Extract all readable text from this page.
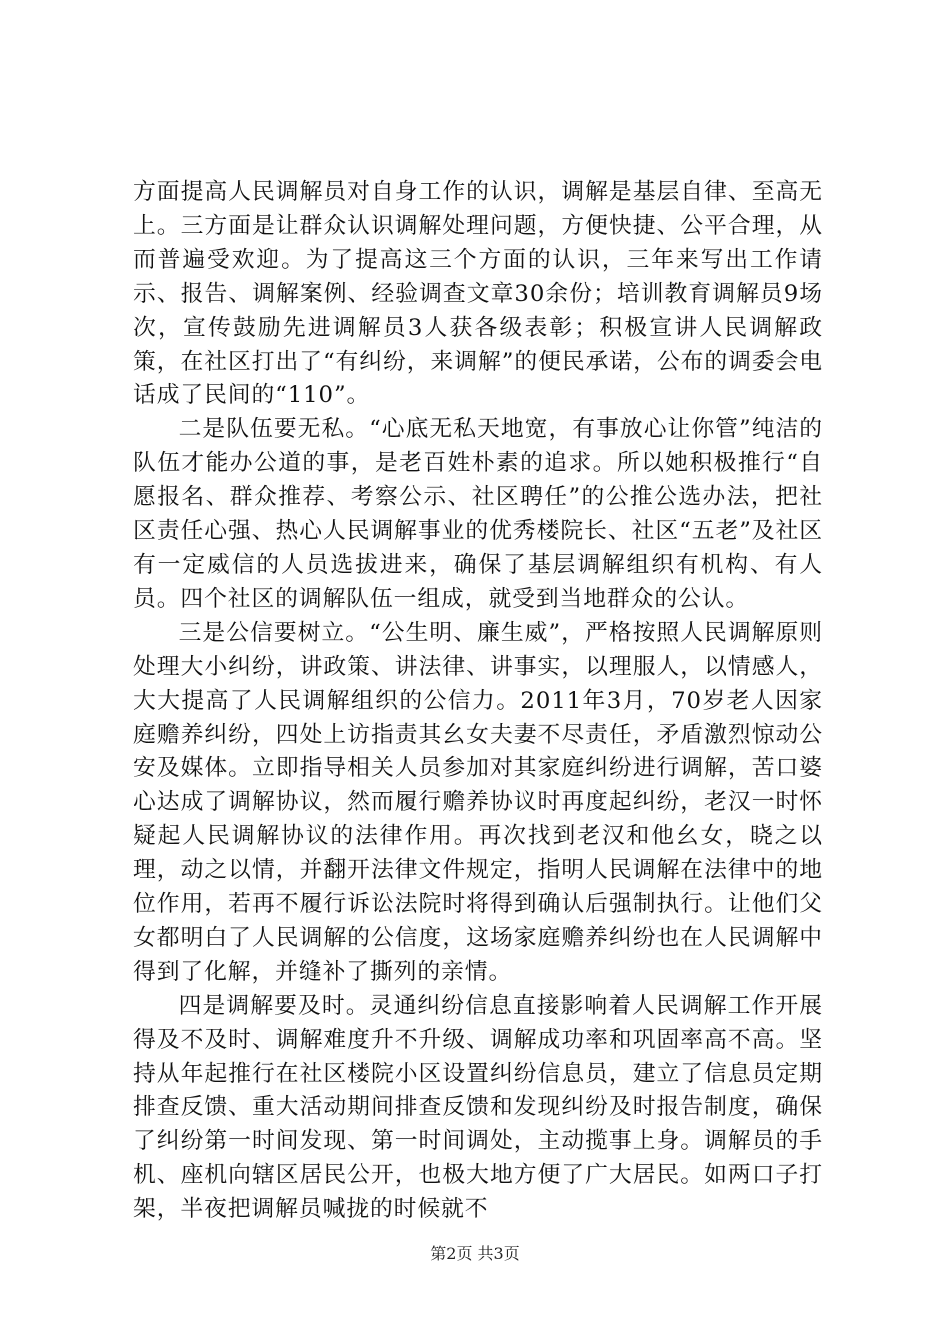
方面提高人民调解员对自身工作的认识，调解是基层自律、至高无上。三方面是让群众认识调解处理问题，方便快捷、公平合理，从而普遍受欢迎。为了提高这三个方面的认识，三年来写出工作请示、报告、调解案例、经验调查文章30余份；培训教育调解员9场次，宣传鼓励先进调解员3人获各级表彰；积极宣讲人民调解政策，在社区打出了“有纠纷，来调解”的便民承诺，公布的调委会电话成了民间的“110”。

二是队伍要无私。“心底无私天地宽，有事放心让你管”纯洁的队伍才能办公道的事，是老百姓朴素的追求。所以她积极推行“自愿报名、群众推荐、考察公示、社区聘任”的公推公选办法，把社区责任心强、热心人民调解事业的优秀楼院长、社区“五老”及社区有一定威信的人员选拔进来，确保了基层调解组织有机构、有人员。四个社区的调解队伍一组成，就受到当地群众的公认。

三是公信要树立。“公生明、廉生威”，严格按照人民调解原则处理大小纠纷，讲政策、讲法律、讲事实，以理服人，以情感人，大大提高了人民调解组织的公信力。2011年3月，70岁老人因家庭赡养纠纷，四处上访指责其幺女夫妻不尽责任，矛盾激烈惊动公安及媒体。立即指导相关人员参加对其家庭纠纷进行调解，苦口婆心达成了调解协议，然而履行赡养协议时再度起纠纷，老汉一时怀疑起人民调解协议的法律作用。再次找到老汉和他幺女，晓之以理，动之以情，并翻开法律文件规定，指明人民调解在法律中的地位作用，若再不履行诉讼法院时将得到确认后强制执行。让他们父女都明白了人民调解的公信度，这场家庭赡养纠纷也在人民调解中得到了化解，并缝补了撕列的亲情。

四是调解要及时。灵通纠纷信息直接影响着人民调解工作开展得及不及时、调解难度升不升级、调解成功率和巩固率高不高。坚持从年起推行在社区楼院小区设置纠纷信息员，建立了信息员定期排查反馈、重大活动期间排查反馈和发现纠纷及时报告制度，确保了纠纷第一时间发现、第一时间调处，主动揽事上身。调解员的手机、座机向辖区居民公开，也极大地方便了广大居民。如两口子打架，半夜把调解员喊拢的时候就不

第2页 共3页
